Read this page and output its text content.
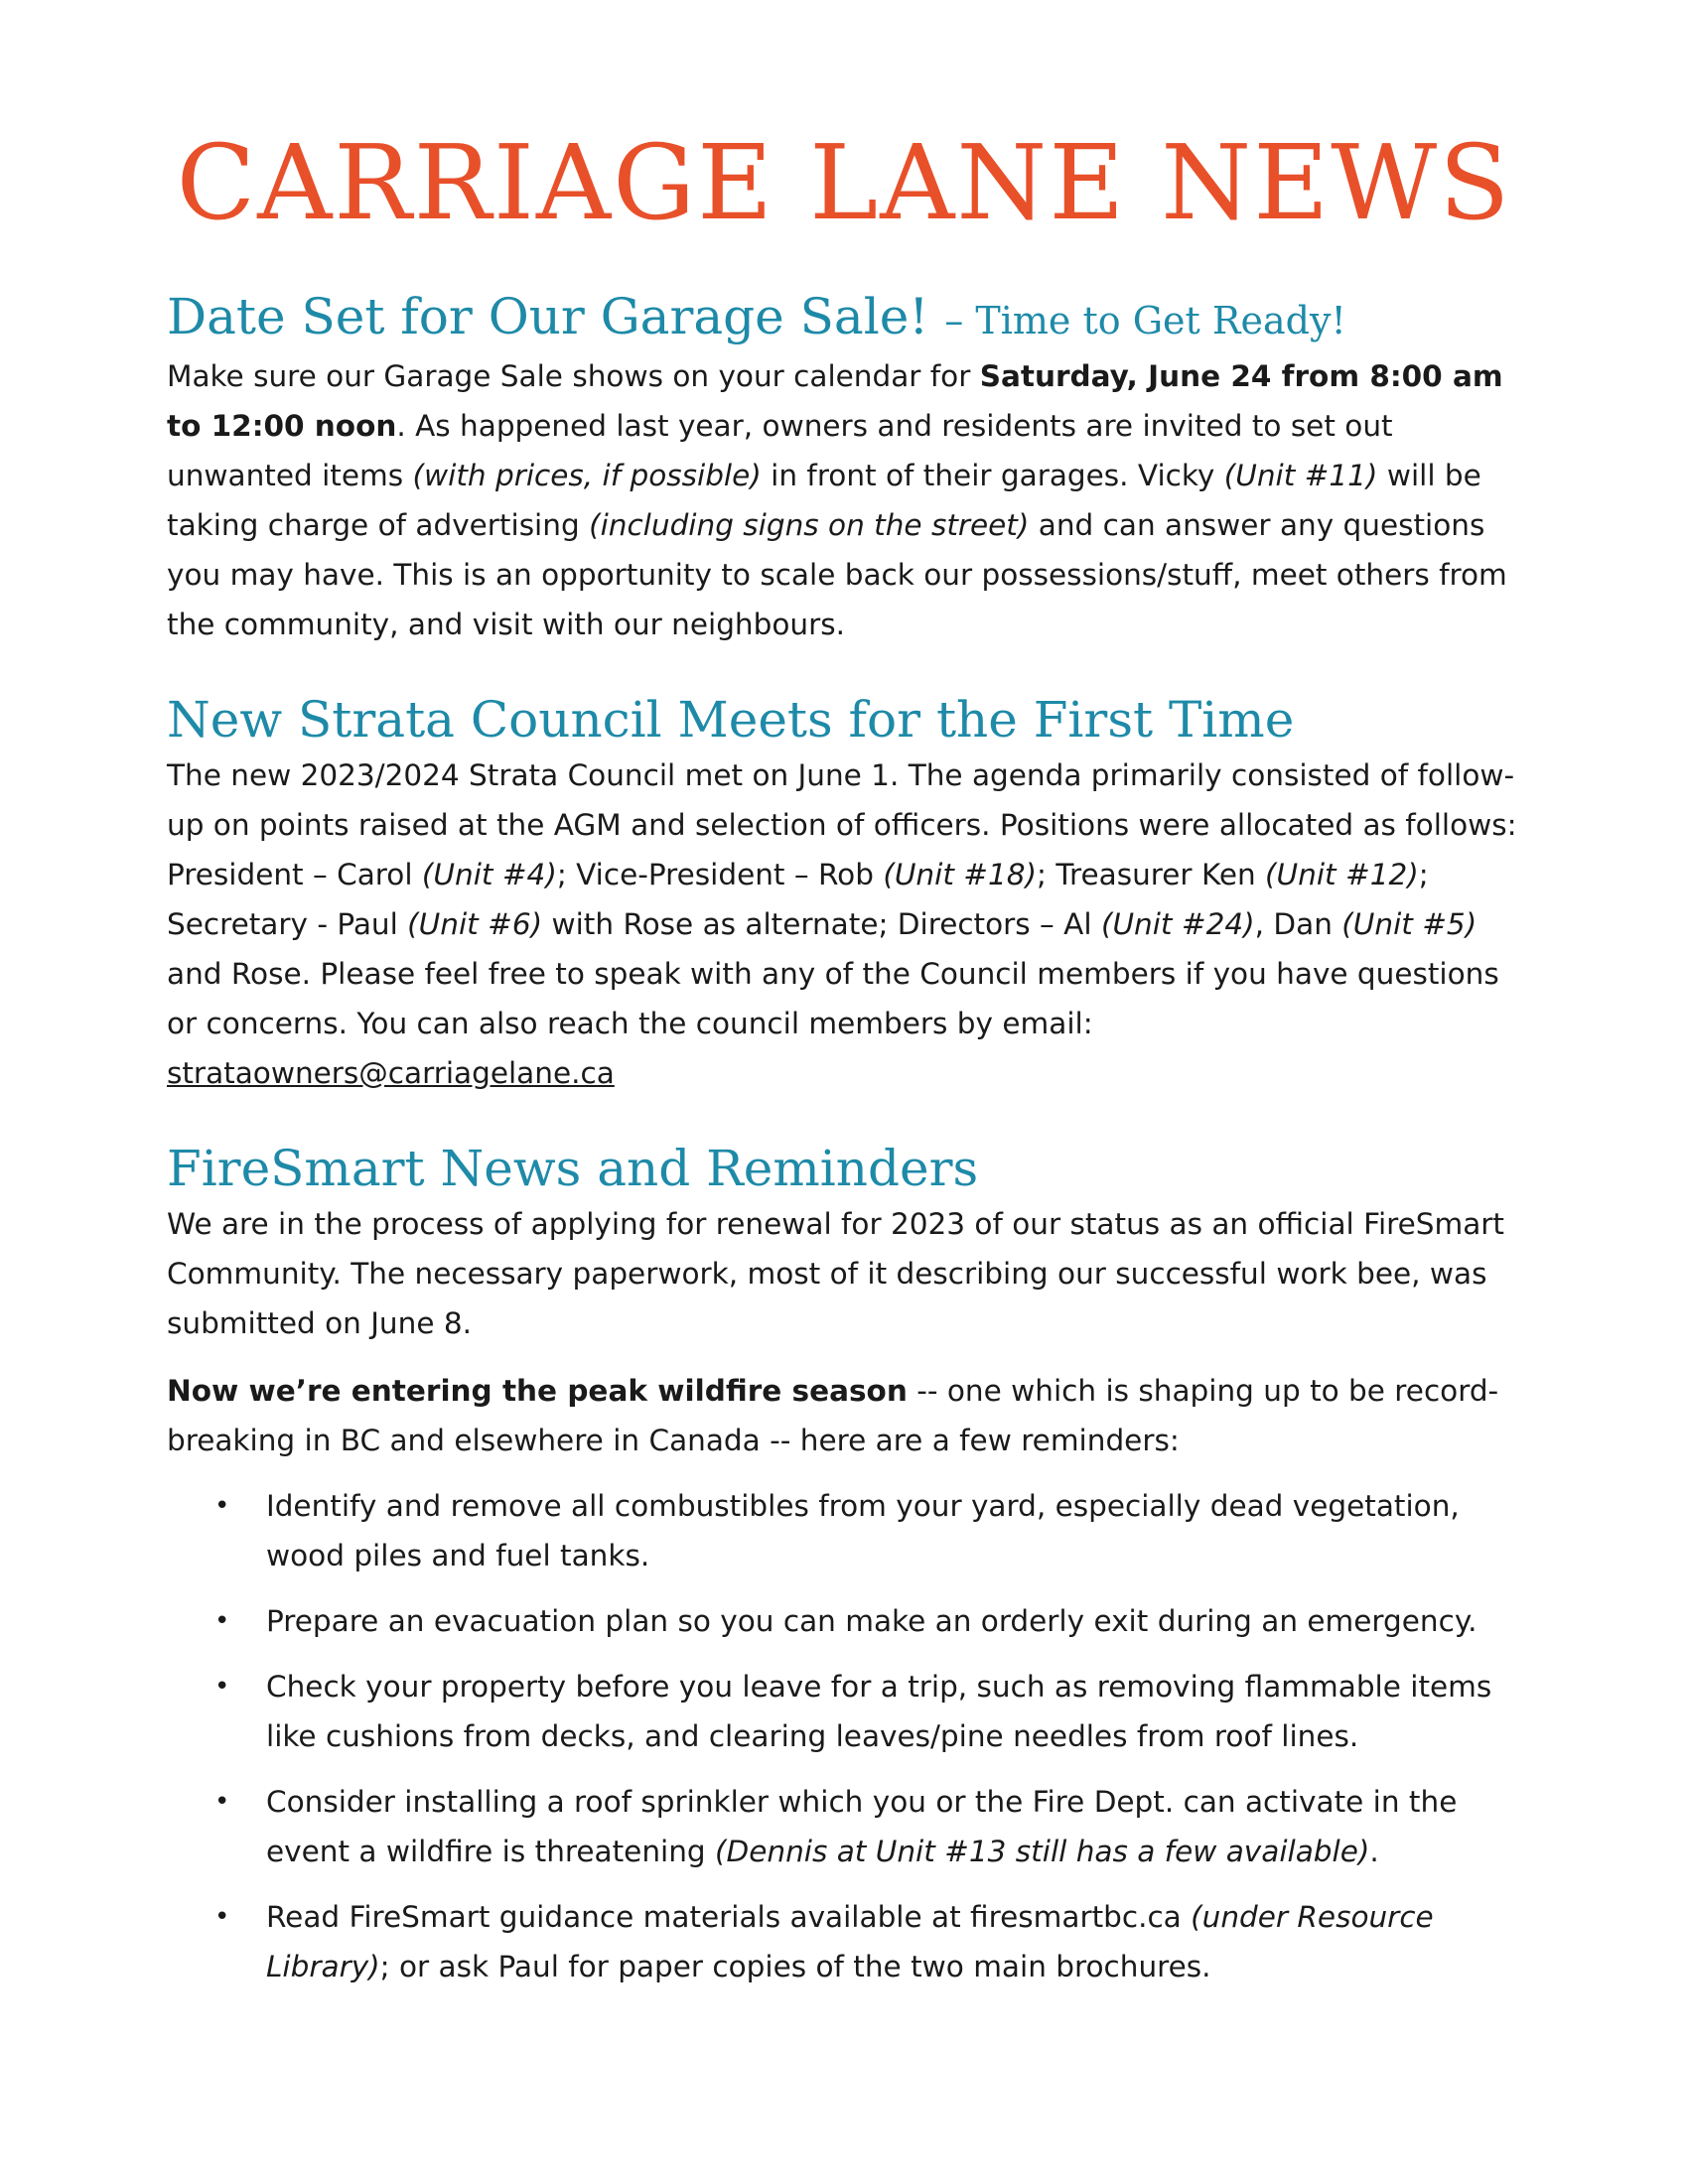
CARRIAGE LANE NEWS
Date Set for Our Garage Sale! – Time to Get Ready!

Make sure our Garage Sale shows on your calendar for Saturday, June 24 from 8:00 am to 12:00 noon. As happened last year, owners and residents are invited to set out unwanted items (with prices, if possible) in front of their garages. Vicky (Unit #11) will be taking charge of advertising (including signs on the street) and can answer any questions you may have. This is an opportunity to scale back our possessions/stuff, meet others from the community, and visit with our neighbours.

New Strata Council Meets for the First Time

The new 2023/2024 Strata Council met on June 1. The agenda primarily consisted of follow-up on points raised at the AGM and selection of officers. Positions were allocated as follows: President – Carol (Unit #4); Vice-President – Rob (Unit #18); Treasurer Ken (Unit #12); Secretary - Paul (Unit #6) with Rose as alternate; Directors – Al (Unit #24), Dan (Unit #5) and Rose. Please feel free to speak with any of the Council members if you have questions or concerns. You can also reach the council members by email: strataowners@carriagelane.ca

FireSmart News and Reminders

We are in the process of applying for renewal for 2023 of our status as an official FireSmart Community. The necessary paperwork, most of it describing our successful work bee, was submitted on June 8.

Now we’re entering the peak wildfire season -- one which is shaping up to be record-breaking in BC and elsewhere in Canada -- here are a few reminders:

• Identify and remove all combustibles from your yard, especially dead vegetation, wood piles and fuel tanks.
• Prepare an evacuation plan so you can make an orderly exit during an emergency.
• Check your property before you leave for a trip, such as removing flammable items like cushions from decks, and clearing leaves/pine needles from roof lines.
• Consider installing a roof sprinkler which you or the Fire Dept. can activate in the event a wildfire is threatening (Dennis at Unit #13 still has a few available).
• Read FireSmart guidance materials available at firesmartbc.ca (under Resource Library); or ask Paul for paper copies of the two main brochures.
